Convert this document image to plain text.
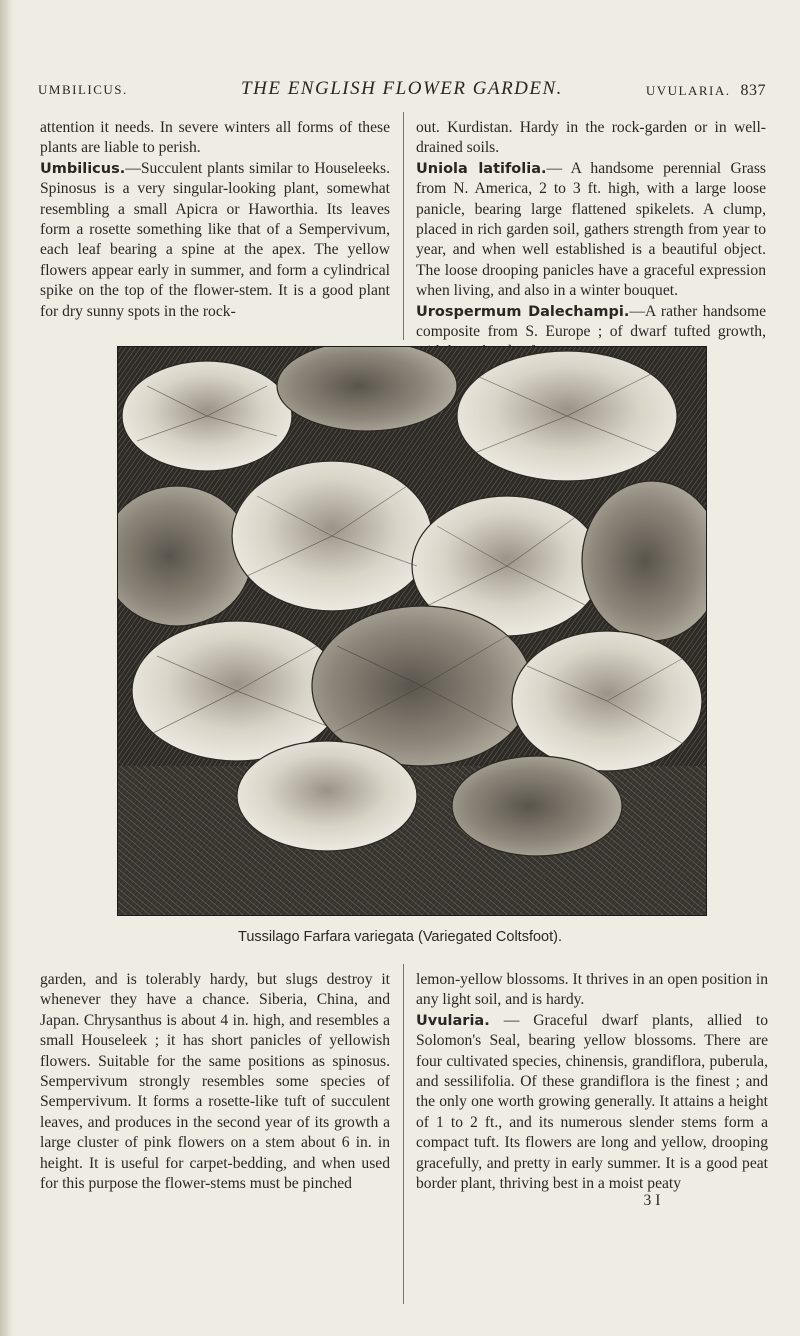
UMBILICUS.	THE ENGLISH FLOWER GARDEN.	UVULARIA. 837

attention it needs. In severe winters all forms of these plants are liable to perish.

Umbilicus.—Succulent plants similar to Houseleeks. Spinosus is a very singular-looking plant, somewhat resembling a small Apicra or Haworthia. Its leaves form a rosette something like that of a Sempervivum, each leaf bearing a spine at the apex. The yellow flowers appear early in summer, and form a cylindrical spike on the top of the flower-stem. It is a good plant for dry sunny spots in the rock-

out. Kurdistan. Hardy in the rock-garden or in well-drained soils.

Uniola latifolia.— A handsome perennial Grass from N. America, 2 to 3 ft. high, with a large loose panicle, bearing large flattened spikelets. A clump, placed in rich garden soil, gathers strength from year to year, and when well established is a beautiful object. The loose drooping panicles have a graceful expression when living, and also in a winter bouquet.

Urospermum Dalechampi.—A rather handsome composite from S. Europe ; of dwarf tufted growth,

Tussilago Farfara variegata (Variegated Coltsfoot).

garden, and is tolerably hardy, but slugs destroy it whenever they have a chance. Siberia, China, and Japan. Chrysanthus is about 4 in. high, and resembles a small Houseleek ; it has short panicles of yellowish flowers. Suitable for the same positions as spinosus. Sempervivum strongly resembles some species of Sempervivum. It forms a rosette-like tuft of succulent leaves, and produces in the second year of its growth a large cluster of pink flowers on a stem about 6 in. in height. It is useful for carpet-bedding, and when used for this purpose the flower-stems must be pinched

lemon-yellow blossoms. It thrives in an open position in any light soil, and is hardy.

Uvularia. — Graceful dwarf plants, allied to Solomon's Seal, bearing yellow blossoms. There are four cultivated species, chinensis, grandiflora, puberula, and sessilifolia. Of these grandiflora is the finest ; and the only one worth growing generally. It attains a height of 1 to 2 ft., and its numerous slender stems form a compact tuft. Its flowers are long and yellow, drooping gracefully, and pretty in early summer. It is a good peat border plant, thriving best in a moist peaty

3 I
